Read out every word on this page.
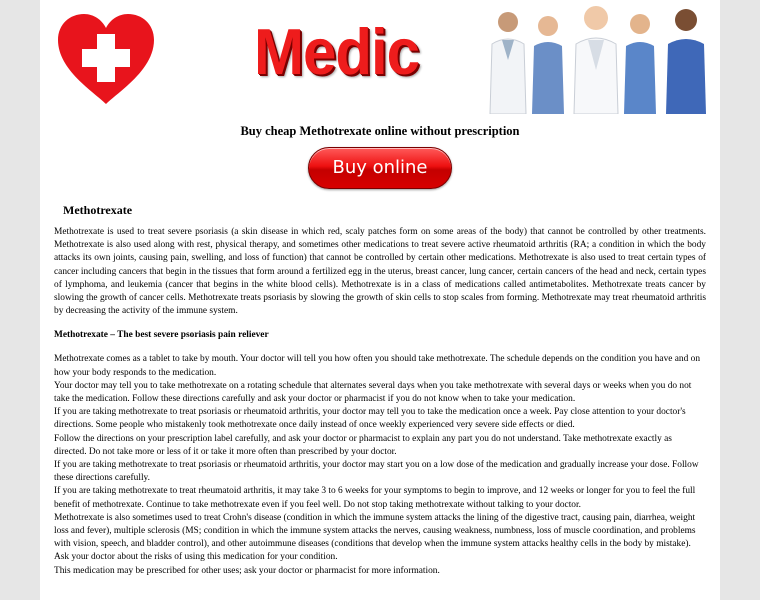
Medic
Buy cheap Methotrexate online without prescription
Buy online
Methotrexate

Methotrexate is used to treat severe psoriasis (a skin disease in which red, scaly patches form on some areas of the body) that cannot be controlled by other treatments. Methotrexate is also used along with rest, physical therapy, and sometimes other medications to treat severe active rheumatoid arthritis (RA; a condition in which the body attacks its own joints, causing pain, swelling, and loss of function) that cannot be controlled by certain other medications. Methotrexate is also used to treat certain types of cancer including cancers that begin in the tissues that form around a fertilized egg in the uterus, breast cancer, lung cancer, certain cancers of the head and neck, certain types of lymphoma, and leukemia (cancer that begins in the white blood cells). Methotrexate is in a class of medications called antimetabolites. Methotrexate treats cancer by slowing the growth of cancer cells. Methotrexate treats psoriasis by slowing the growth of skin cells to stop scales from forming. Methotrexate may treat rheumatoid arthritis by decreasing the activity of the immune system.

Methotrexate – The best severe psoriasis pain reliever

Methotrexate comes as a tablet to take by mouth. Your doctor will tell you how often you should take methotrexate. The schedule depends on the condition you have and on how your body responds to the medication.

Your doctor may tell you to take methotrexate on a rotating schedule that alternates several days when you take methotrexate with several days or weeks when you do not take the medication. Follow these directions carefully and ask your doctor or pharmacist if you do not know when to take your medication.

If you are taking methotrexate to treat psoriasis or rheumatoid arthritis, your doctor may tell you to take the medication once a week. Pay close attention to your doctor's directions. Some people who mistakenly took methotrexate once daily instead of once weekly experienced very severe side effects or died.

Follow the directions on your prescription label carefully, and ask your doctor or pharmacist to explain any part you do not understand. Take methotrexate exactly as directed. Do not take more or less of it or take it more often than prescribed by your doctor.

If you are taking methotrexate to treat psoriasis or rheumatoid arthritis, your doctor may start you on a low dose of the medication and gradually increase your dose. Follow these directions carefully.

If you are taking methotrexate to treat rheumatoid arthritis, it may take 3 to 6 weeks for your symptoms to begin to improve, and 12 weeks or longer for you to feel the full benefit of methotrexate. Continue to take methotrexate even if you feel well. Do not stop taking methotrexate without talking to your doctor.

Methotrexate is also sometimes used to treat Crohn's disease (condition in which the immune system attacks the lining of the digestive tract, causing pain, diarrhea, weight loss and fever), multiple sclerosis (MS; condition in which the immune system attacks the nerves, causing weakness, numbness, loss of muscle coordination, and problems with vision, speech, and bladder control), and other autoimmune diseases (conditions that develop when the immune system attacks healthy cells in the body by mistake). Ask your doctor about the risks of using this medication for your condition.

This medication may be prescribed for other uses; ask your doctor or pharmacist for more information.
